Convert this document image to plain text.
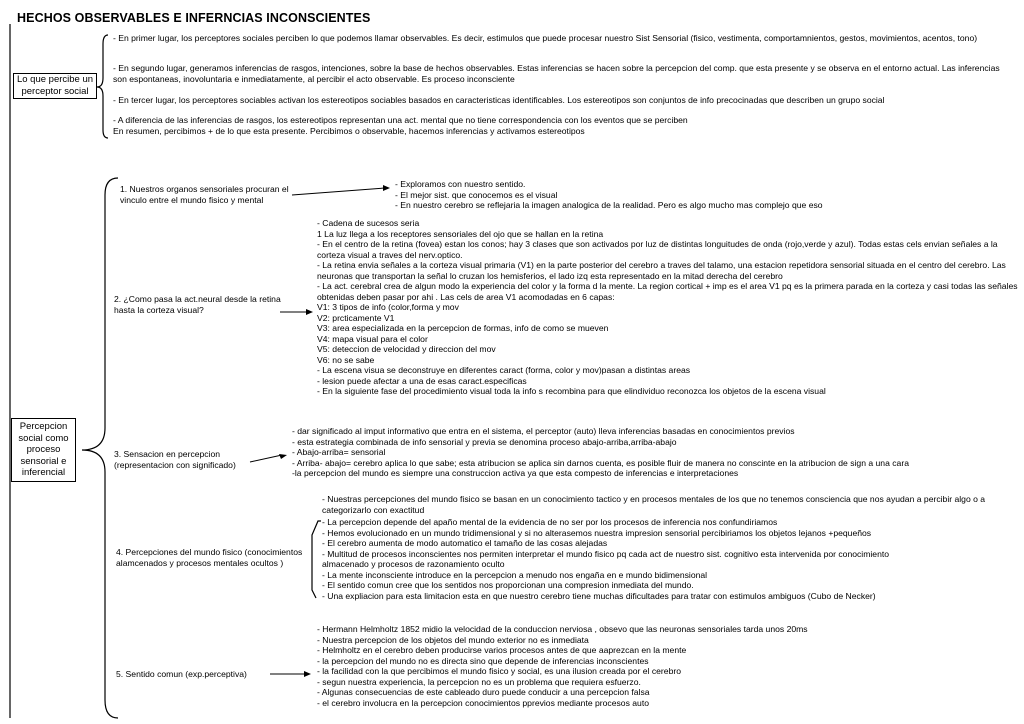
HECHOS OBSERVABLES E INFERNCIAS INCONSCIENTES
Lo que percibe un perceptor social
- En primer lugar, los perceptores sociales perciben lo que podemos llamar observables. Es decir, estimulos que puede procesar nuestro Sist Sensorial (fisico, vestimenta, comportamnientos, gestos, movimientos, acentos, tono)
- En segundo lugar, generamos inferencias de rasgos, intenciones, sobre la base de hechos observables. Estas inferencias se hacen sobre la percepcion del comp. que esta presente y se observa en el entorno actual. Las inferencias son espontaneas, inovoluntaria e inmediatamente, al percibir el acto observable. Es proceso inconsciente
- En tercer lugar, los perceptores sociables activan los estereotipos sociables basados en caracteristicas identificables. Los estereotipos son conjuntos de info precocinadas que describen un grupo social
- A diferencia de las inferencias de rasgos, los estereotipos representan una act. mental que no tiene correspondencia con los eventos que se perciben
En resumen, percibimos + de lo que esta presente. Percibimos o observable, hacemos inferencias y activamos estereotipos
Percepcion social como proceso sensorial e inferencial
1. Nuestros organos sensoriales procuran el vinculo entre el mundo fisico y mental
- Exploramos con nuestro sentido.
- El mejor sist. que conocemos es el visual
- En nuestro cerebro se reflejaria la imagen analogica de la realidad. Pero es algo mucho mas complejo que eso
2. ¿Como pasa la act.neural desde la retina hasta la corteza visual?
- Cadena de sucesos seria
1 La luz llega a los receptores sensoriales del ojo que se hallan en la retina
- En el centro de la retina (fovea) estan los conos; hay 3 clases que son activados por luz de distintas longuitudes de onda (rojo,verde y azul). Todas estas cels envian señales a la corteza visual a traves del nerv.optico.
- La retina envia señales a la corteza visual primaria (V1) en la parte posterior del cerebro a traves del talamo, una estacion repetidora sensorial situada en el centro del cerebro. Las neuronas que transportan la señal lo cruzan los hemisferios, el lado izq esta representado en la mitad derecha del cerebro
- La act. cerebral crea de algun modo la experiencia del color y la forma d la mente. La region cortical + imp es el area V1 pq es la primera parada en la corteza y casi todas las señales obtenidas deben pasar por ahi . Las cels de area V1 acomodadas en 6 capas:
V1: 3 tipos de info (color,forma y mov
V2: prcticamente V1
V3: area especializada en la percepcion de formas, info de como se mueven
V4: mapa visual para el color
V5: deteccion de velocidad y direccion del mov
V6: no se sabe
- La escena visua se deconstruye en diferentes caract (forma, color y mov)pasan a distintas areas
- lesion puede afectar a una de esas caract.especificas
- En la siguiente fase del procedimiento visual toda la info s recombina para que elindividuo reconozca los objetos de la escena visual
3. Sensacion en percepcion (representacion con significado)
- dar significado al imput informativo que entra en el sistema, el perceptor (auto) lleva inferencias basadas en conocimientos previos
- esta estrategia combinada de info sensorial y previa se denomina proceso abajo-arriba,arriba-abajo
- Abajo-arriba= sensorial
- Arriba- abajo= cerebro aplica lo que sabe; esta atribucion se aplica sin darnos cuenta, es posible fluir de manera no conscinte en la atribucion de sign a una cara
-la percepcion del mundo es siempre una construccion activa ya que esta compesto de inferencias e interpretaciones
4. Percepciones del mundo fisico (conocimientos alamcenados y procesos mentales ocultos )
- Nuestras percepciones del mundo fisico se basan en un conocimiento tactico y en procesos mentales de los que no tenemos consciencia que nos ayudan a percibir algo o a categorizarlo con exactitud
- La percepcion depende del apaño mental de la evidencia de no ser por los procesos de inferencia nos confundiriamos
- Hemos evolucionado en un mundo tridimensional y si no alterasemos nuestra impresion sensorial percibiriamos los objetos lejanos +pequeños
- El cerebro aumenta de modo automatico el tamaño de las cosas alejadas
- Multitud de procesos inconscientes nos permiten interpretar el mundo fisico pq cada act de nuestro sist. cognitivo esta intervenida por conocimiento
almacenado y procesos de razonamiento oculto
- La mente inconsciente introduce en la percepcion a menudo nos engaña en e mundo bidimensional
- El sentido comun cree que los sentidos nos proporcionan una compresion inmediata del mundo.
- Una expliacion para esta limitacion esta en que nuestro cerebro tiene muchas dificultades para tratar con estimulos ambiguos (Cubo de Necker)
5. Sentido comun (exp.perceptiva)
- Hermann Helmholtz 1852 midio la velocidad de la conduccion nerviosa , obsevo que las neuronas sensoriales tarda unos 20ms
- Nuestra percepcion de los objetos del mundo exterior no es inmediata
- Helmholtz en el cerebro deben producirse varios procesos antes de que aaprezcan en la mente
- la percepcion del mundo no es directa sino que depende de inferencias inconscientes
- la facilidad con la que percibimos el mundo fisico y social, es una ilusion creada por el cerebro
- segun nuestra experiencia, la percepcion no es un problema que requiera esfuerzo.
- Algunas consecuencias de este cableado duro puede conducir a una percepcion falsa
- el cerebro involucra en la percepcion conocimientos pprevios mediante procesos auto
